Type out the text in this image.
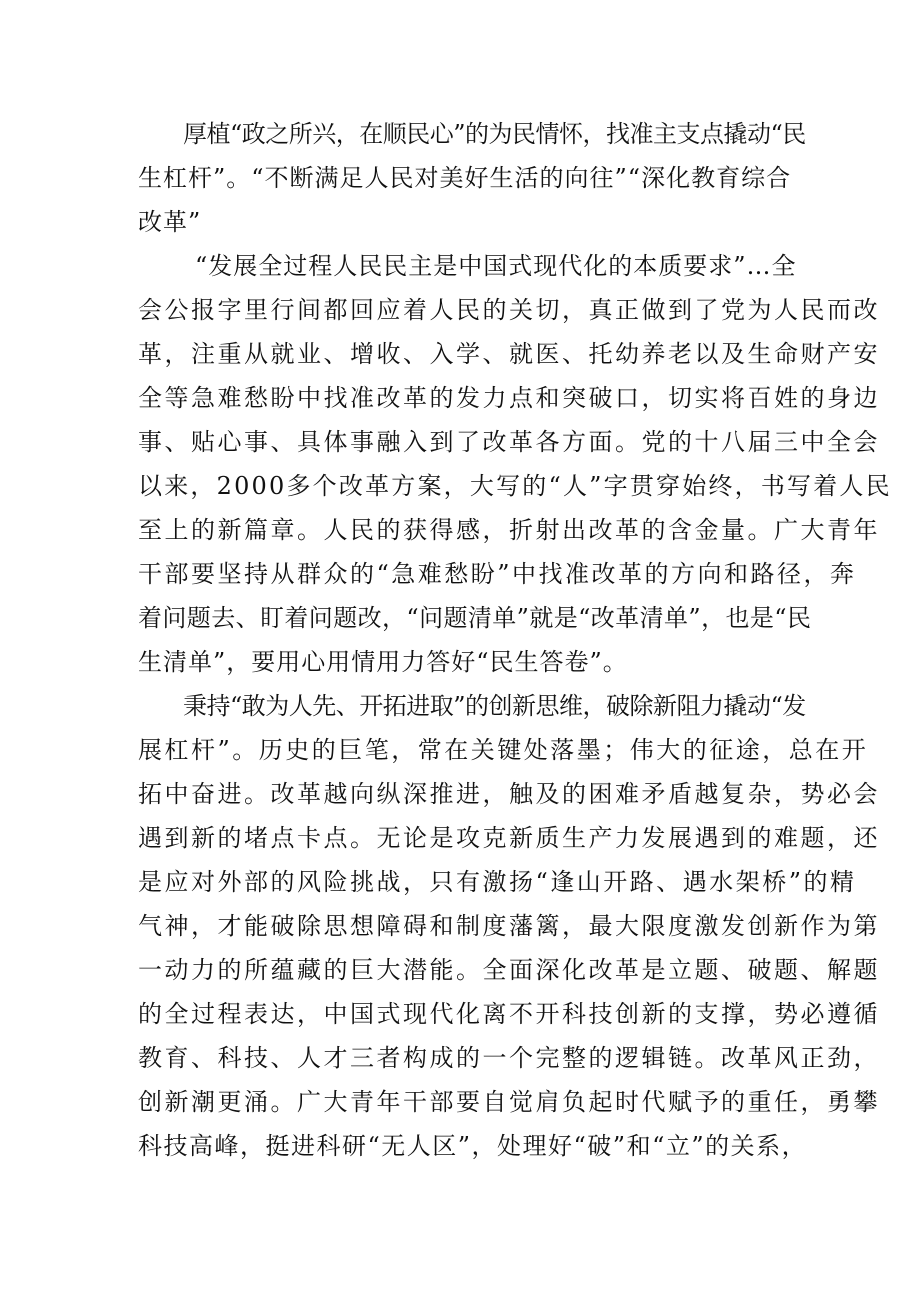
厚植“政之所兴，在顺民心”的为民情怀，找准主支点撬动“民

生杠杆”。“不断满足人民对美好生活的向往”“深化教育综合

改革”

“发展全过程人民民主是中国式现代化的本质要求”…全

会公报字里行间都回应着人民的关切，真正做到了党为人民而改

革，注重从就业、增收、入学、就医、托幼养老以及生命财产安

全等急难愁盼中找准改革的发力点和突破口，切实将百姓的身边

事、贴心事、具体事融入到了改革各方面。党的十八届三中全会

以来，2000多个改革方案，大写的“人”字贯穿始终，书写着人民

至上的新篇章。人民的获得感，折射出改革的含金量。广大青年

干部要坚持从群众的“急难愁盼”中找准改革的方向和路径，奔

着问题去、盯着问题改，“问题清单”就是“改革清单”，也是“民

生清单”，要用心用情用力答好“民生答卷”。

秉持“敢为人先、开拓进取”的创新思维，破除新阻力撬动“发

展杠杆”。历史的巨笔，常在关键处落墨；伟大的征途，总在开

拓中奋进。改革越向纵深推进，触及的困难矛盾越复杂，势必会

遇到新的堵点卡点。无论是攻克新质生产力发展遇到的难题，还

是应对外部的风险挑战，只有激扬“逢山开路、遇水架桥”的精

气神，才能破除思想障碍和制度藩篱，最大限度激发创新作为第

一动力的所蕴藏的巨大潜能。全面深化改革是立题、破题、解题

的全过程表达，中国式现代化离不开科技创新的支撑，势必遵循

教育、科技、人才三者构成的一个完整的逻辑链。改革风正劲，

创新潮更涌。广大青年干部要自觉肩负起时代赋予的重任，勇攀

科技高峰，挺进科研“无人区”，处理好“破”和“立”的关系，
